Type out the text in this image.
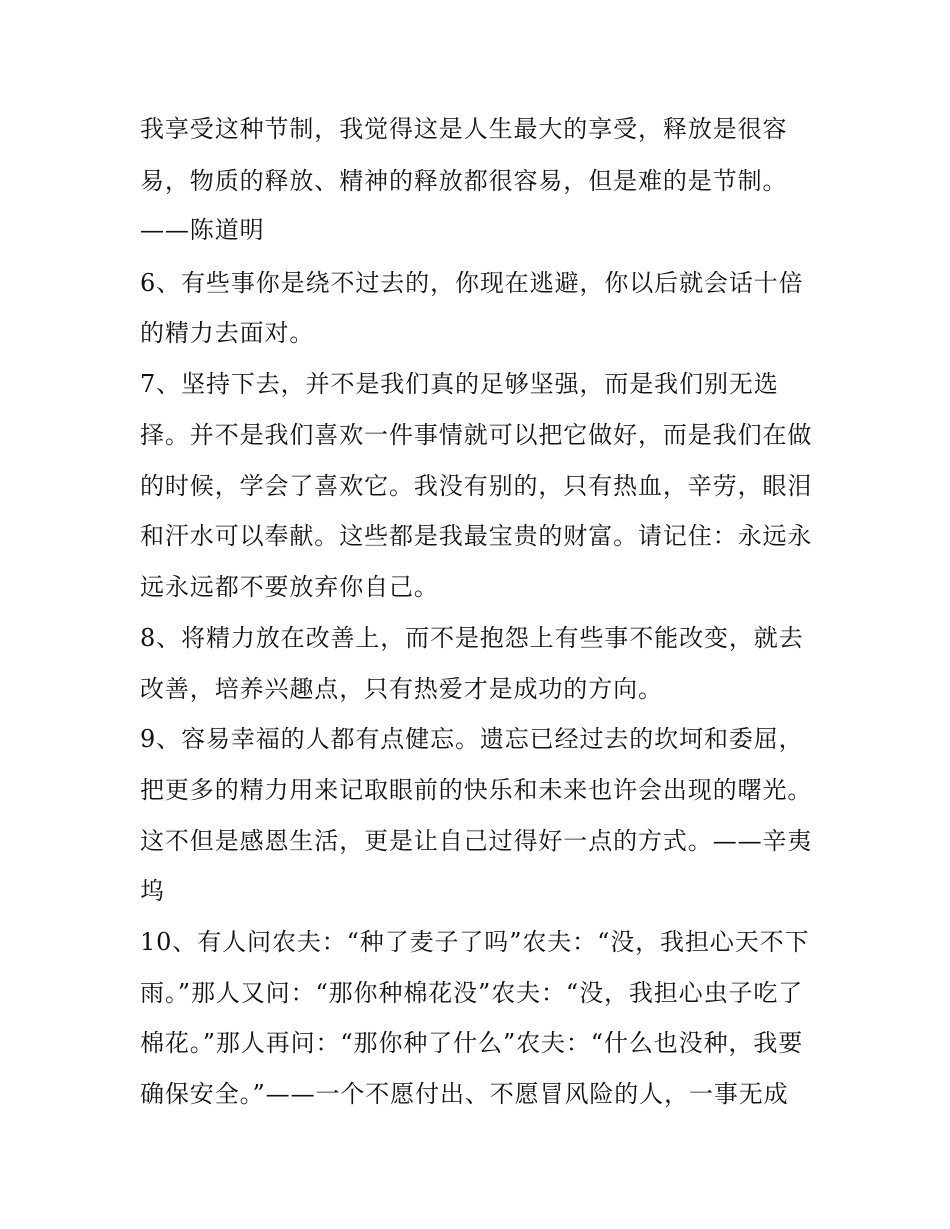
我享受这种节制，我觉得这是人生最大的享受，释放是很容
易，物质的释放、精神的释放都很容易，但是难的是节制。
——陈道明
6、有些事你是绕不过去的，你现在逃避，你以后就会话十倍
的精力去面对。
7、坚持下去，并不是我们真的足够坚强，而是我们别无选
择。并不是我们喜欢一件事情就可以把它做好，而是我们在做
的时候，学会了喜欢它。我没有别的，只有热血，辛劳，眼泪
和汗水可以奉献。这些都是我最宝贵的财富。请记住：永远永
远永远都不要放弃你自己。
8、将精力放在改善上，而不是抱怨上有些事不能改变，就去
改善，培养兴趣点，只有热爱才是成功的方向。
9、容易幸福的人都有点健忘。遗忘已经过去的坎坷和委屈，
把更多的精力用来记取眼前的快乐和未来也许会出现的曙光。
这不但是感恩生活，更是让自己过得好一点的方式。——辛夷
坞
10、有人问农夫：“种了麦子了吗”农夫：“没，我担心天不下
雨。”那人又问：“那你种棉花没”农夫：“没，我担心虫子吃了
棉花。”那人再问：“那你种了什么”农夫：“什么也没种，我要
确保安全。”——一个不愿付出、不愿冒风险的人，一事无成
